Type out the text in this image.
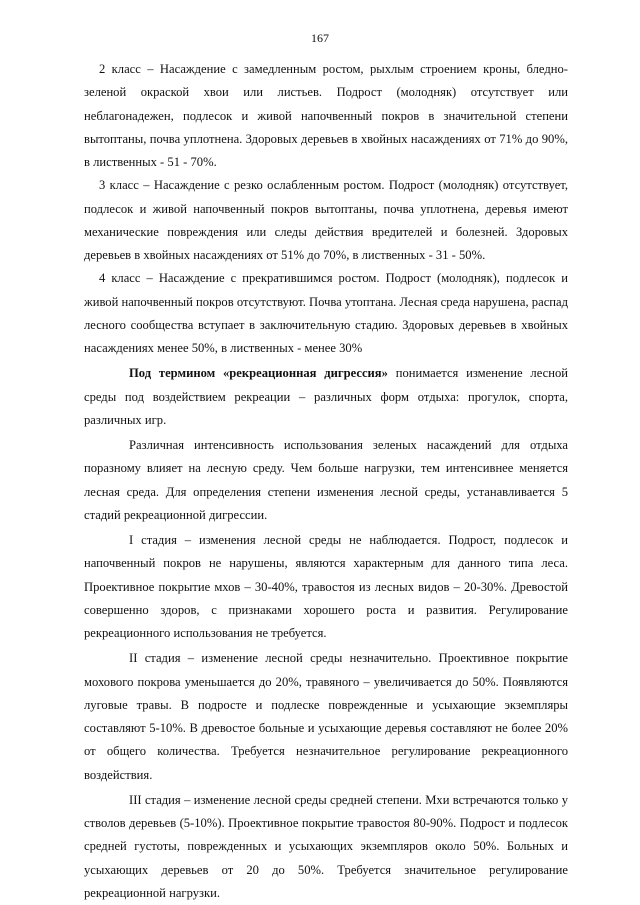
167

2 класс – Насаждение с замедленным ростом, рыхлым строением кроны, бледно-зеленой окраской хвои или листьев. Подрост (молодняк) отсутствует или неблагонадежен, подлесок и живой напочвенный покров в значительной степени вытоптаны, почва уплотнена. Здоровых деревьев в хвойных насаждениях от 71% до 90%, в лиственных - 51 - 70%.

3 класс – Насаждение с резко ослабленным ростом. Подрост (молодняк) отсутствует, подлесок и живой напочвенный покров вытоптаны, почва уплотнена, деревья имеют механические повреждения или следы действия вредителей и болезней. Здоровых деревьев в хвойных насаждениях от 51% до 70%, в лиственных - 31 - 50%.

4 класс – Насаждение с прекратившимся ростом. Подрост (молодняк), подлесок и живой напочвенный покров отсутствуют. Почва утоптана. Лесная среда нарушена, распад лесного сообщества вступает в заключительную стадию. Здоровых деревьев в хвойных насаждениях менее 50%, в лиственных - менее 30%

Под термином «рекреационная дигрессия» понимается изменение лесной среды под воздействием рекреации – различных форм отдыха: прогулок, спорта, различных игр.

Различная интенсивность использования зеленых насаждений для отдыха поразному влияет на лесную среду. Чем больше нагрузки, тем интенсивнее меняется лесная среда. Для определения степени изменения лесной среды, устанавливается 5 стадий рекреационной дигрессии.

I стадия – изменения лесной среды не наблюдается. Подрост, подлесок и напочвенный покров не нарушены, являются характерным для данного типа леса. Проективное покрытие мхов – 30-40%, травостоя из лесных видов – 20-30%. Древостой совершенно здоров, с признаками хорошего роста и развития. Регулирование рекреационного использования не требуется.

II стадия – изменение лесной среды незначительно. Проективное покрытие мохового покрова уменьшается до 20%, травяного – увеличивается до 50%. Появляются луговые травы. В подросте и подлеске поврежденные и усыхающие экземпляры составляют 5-10%. В древостое больные и усыхающие деревья составляют не более 20% от общего количества. Требуется незначительное регулирование рекреационного воздействия.

III стадия – изменение лесной среды средней степени. Мхи встречаются только у стволов деревьев (5-10%). Проективное покрытие травостоя 80-90%. Подрост и подлесок средней густоты, поврежденных и усыхающих экземпляров около 50%. Больных и усыхающих деревьев от 20 до 50%. Требуется значительное регулирование рекреационной нагрузки.
